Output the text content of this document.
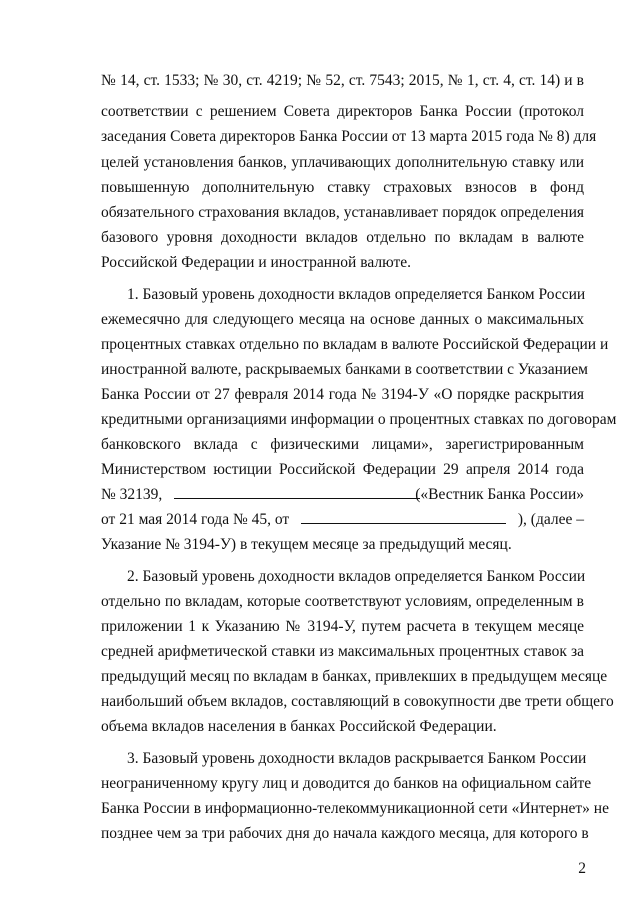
№ 14, ст. 1533; № 30, ст. 4219; № 52, ст. 7543; 2015, № 1, ст. 4, ст. 14) и в
соответствии с решением Совета директоров Банка России (протокол
заседания Совета директоров Банка России от 13 марта 2015 года № 8) для
целей установления банков, уплачивающих дополнительную ставку или
повышенную дополнительную ставку страховых взносов в фонд
обязательного страхования вкладов, устанавливает порядок определения
базового уровня доходности вкладов отдельно по вкладам в валюте
Российской Федерации и иностранной валюте.
1. Базовый уровень доходности вкладов определяется Банком России
ежемесячно для следующего месяца на основе данных о максимальных
процентных ставках отдельно по вкладам в валюте Российской Федерации и
иностранной валюте, раскрываемых банками в соответствии с Указанием
Банка России от 27 февраля 2014 года № 3194-У «О порядке раскрытия
кредитными организациями информации о процентных ставках по договорам
банковского вклада с физическими лицами», зарегистрированным
Министерством юстиции Российской Федерации 29 апреля 2014 года
№ 32139,	(«Вестник Банка России»
от 21 мая 2014 года № 45, от	), (далее –
Указание № 3194-У) в текущем месяце за предыдущий месяц.
2. Базовый уровень доходности вкладов определяется Банком России
отдельно по вкладам, которые соответствуют условиям, определенным в
приложении 1 к Указанию № 3194-У, путем расчета в текущем месяце
средней арифметической ставки из максимальных процентных ставок за
предыдущий месяц по вкладам в банках, привлекших в предыдущем месяце
наибольший объем вкладов, составляющий в совокупности две трети общего
объема вкладов населения в банках Российской Федерации.
3. Базовый уровень доходности вкладов раскрывается Банком России
неограниченному кругу лиц и доводится до банков на официальном сайте
Банка России в информационно-телекоммуникационной сети «Интернет» не
позднее чем за три рабочих дня до начала каждого месяца, для которого в
2
